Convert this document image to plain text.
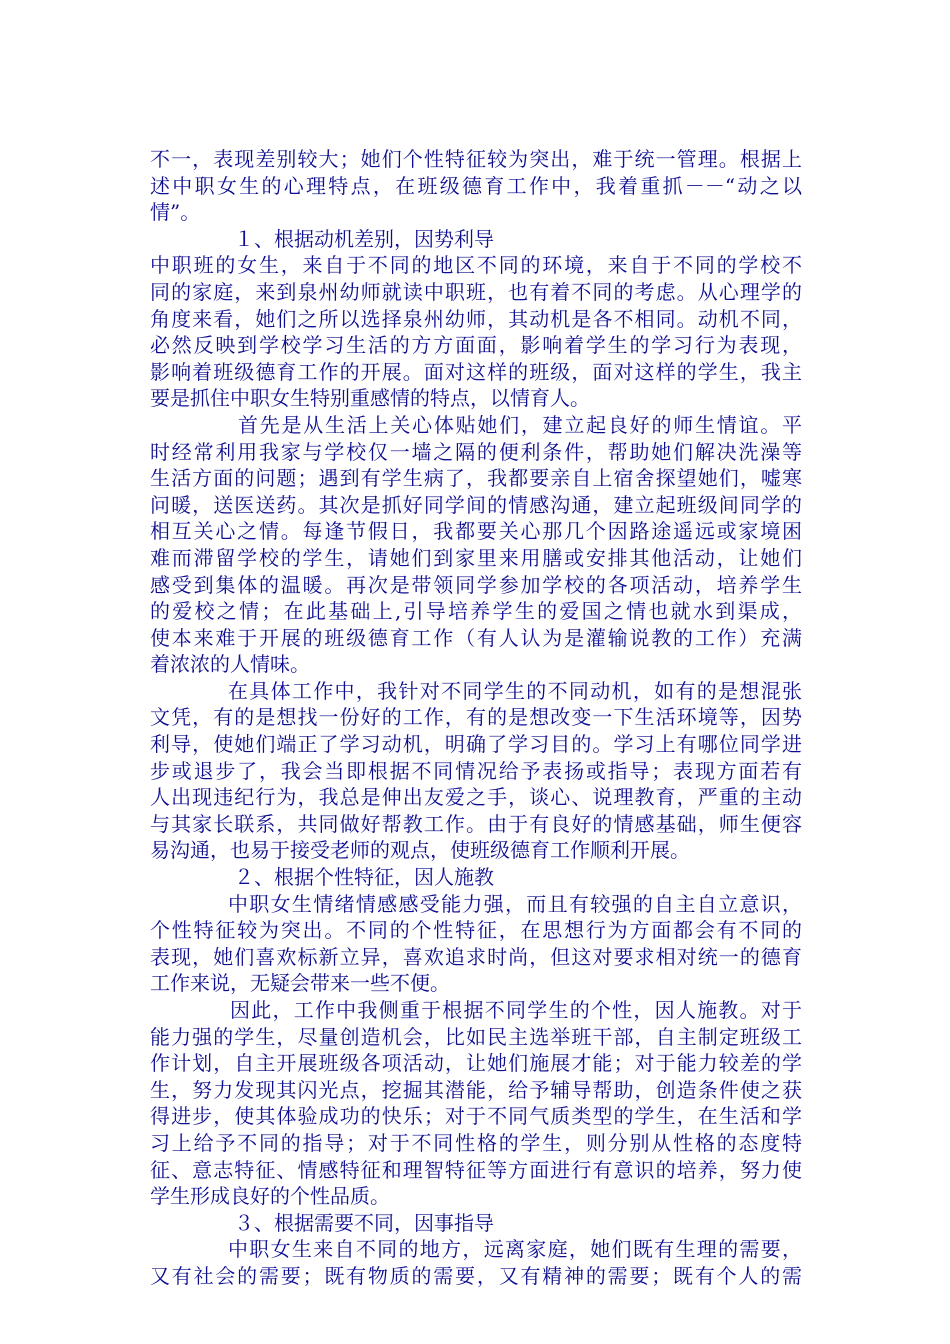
不一，表现差别较大；她们个性特征较为突出，难于统一管理。根据上
述中职女生的心理特点，在班级德育工作中，我着重抓－－“动之以
情”。
１、根据动机差别，因势利导
中职班的女生，来自于不同的地区不同的环境，来自于不同的学校不
同的家庭，来到泉州幼师就读中职班，也有着不同的考虑。从心理学的
角度来看，她们之所以选择泉州幼师，其动机是各不相同。动机不同，
必然反映到学校学习生活的方方面面，影响着学生的学习行为表现，
影响着班级德育工作的开展。面对这样的班级，面对这样的学生，我主
要是抓住中职女生特别重感情的特点，以情育人。
首先是从生活上关心体贴她们，建立起良好的师生情谊。平
时经常利用我家与学校仅一墙之隔的便利条件，帮助她们解决洗澡等
生活方面的问题；遇到有学生病了，我都要亲自上宿舍探望她们，嘘寒
问暖，送医送药。其次是抓好同学间的情感沟通，建立起班级间同学的
相互关心之情。每逢节假日，我都要关心那几个因路途遥远或家境困
难而滞留学校的学生，请她们到家里来用膳或安排其他活动，让她们
感受到集体的温暖。再次是带领同学参加学校的各项活动，培养学生
的爱校之情；在此基础上,引导培养学生的爱国之情也就水到渠成，
使本来难于开展的班级德育工作（有人认为是灌输说教的工作）充满
着浓浓的人情味。
在具体工作中，我针对不同学生的不同动机，如有的是想混张
文凭，有的是想找一份好的工作，有的是想改变一下生活环境等，因势
利导，使她们端正了学习动机，明确了学习目的。学习上有哪位同学进
步或退步了，我会当即根据不同情况给予表扬或指导；表现方面若有
人出现违纪行为，我总是伸出友爱之手，谈心、说理教育，严重的主动
与其家长联系，共同做好帮教工作。由于有良好的情感基础，师生便容
易沟通，也易于接受老师的观点，使班级德育工作顺利开展。
２、根据个性特征，因人施教
中职女生情绪情感感受能力强，而且有较强的自主自立意识，
个性特征较为突出。不同的个性特征，在思想行为方面都会有不同的
表现，她们喜欢标新立异，喜欢追求时尚，但这对要求相对统一的德育
工作来说，无疑会带来一些不便。
因此，工作中我侧重于根据不同学生的个性，因人施教。对于
能力强的学生，尽量创造机会，比如民主选举班干部，自主制定班级工
作计划，自主开展班级各项活动，让她们施展才能；对于能力较差的学
生，努力发现其闪光点，挖掘其潜能，给予辅导帮助，创造条件使之获
得进步，使其体验成功的快乐；对于不同气质类型的学生，在生活和学
习上给予不同的指导；对于不同性格的学生，则分别从性格的态度特
征、意志特征、情感特征和理智特征等方面进行有意识的培养，努力使
学生形成良好的个性品质。
３、根据需要不同，因事指导
中职女生来自不同的地方，远离家庭，她们既有生理的需要，
又有社会的需要；既有物质的需要，又有精神的需要；既有个人的需
